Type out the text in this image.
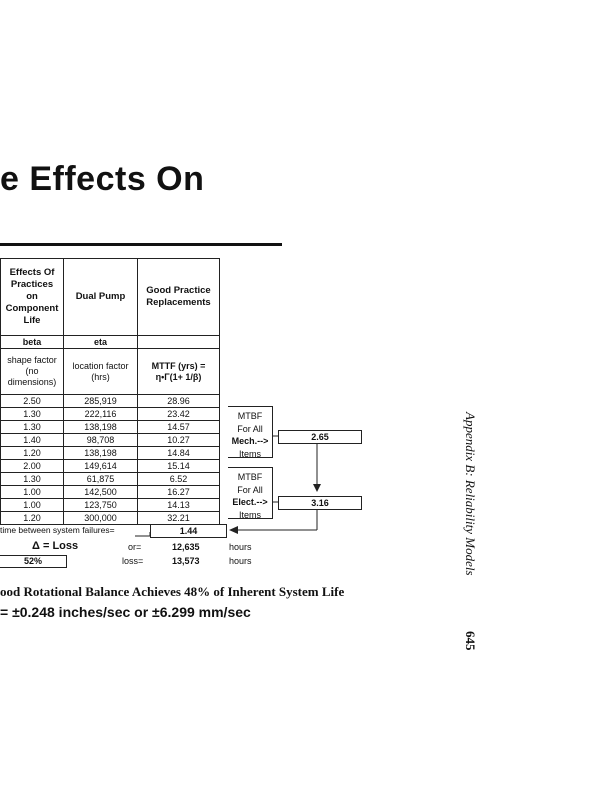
e Effects On
Effects Of Practices on Component Life	Dual Pump	Good Practice Replacements
beta	eta	
shape factor (no dimensions)	location factor (hrs)	MTTF (yrs) = η•Γ(1+ 1/β)
2.50	285,919	28.96
1.30	222,116	23.42
1.30	138,198	14.57
1.40	98,708	10.27
1.20	138,198	14.84
2.00	149,614	15.14
1.30	61,875	6.52
1.00	142,500	16.27
1.00	123,750	14.13
1.20	300,000	32.21
MTBF
For All
Mech.-->
Items
MTBF
For All
Elect.-->
Items
2.65
3.16
time between system failures=	1.44
Δ = Loss
52%
or=	12,635	hours
loss=	13,573	hours
ood Rotational Balance Achieves 48% of Inherent System Life
= ±0.248 inches/sec or ±6.299 mm/sec
Appendix B: Reliability Models
645
